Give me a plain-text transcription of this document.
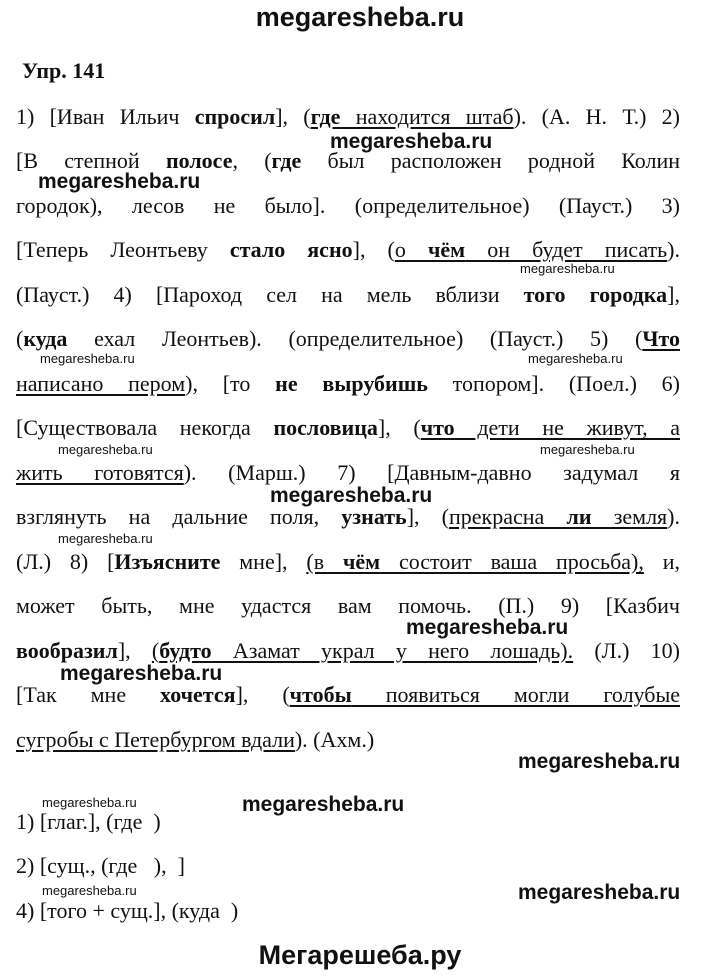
megaresheba.ru
Упр. 141
1) [Иван Ильич спросил], (где находится штаб). (А. Н. Т.) 2)
[В степной полосе, (где был расположен родной Колин
городок), лесов не было]. (определительное) (Пауст.) 3)
[Теперь Леонтьеву стало ясно], (о чём он будет писать).
(Пауст.) 4) [Пароход сел на мель вблизи того городка],
(куда ехал Леонтьев). (определительное) (Пауст.) 5) (Что
написано пером), [то не вырубишь топором]. (Поел.) 6)
[Существовала некогда пословица], (что дети не живут, а
жить готовятся). (Марш.) 7) [Давным-давно задумал я
взглянуть на дальние поля, узнать], (прекрасна ли земля).
(Л.) 8) [Изъясните мне], (в чём состоит ваша просьба), и,
может быть, мне удастся вам помочь. (П.) 9) [Казбич
вообразил], (будто Азамат украл у него лошадь). (Л.) 10)
[Так мне хочется], (чтобы появиться могли голубые
сугробы с Петербургом вдали). (Ахм.)
1) [глаг.], (где  )
2) [сущ., (где   ),  ]
4) [того + сущ.], (куда  )
megaresheba.ru
megaresheba.ru
megaresheba.ru
megaresheba.ru	megaresheba.ru
megaresheba.ru	megaresheba.ru
megaresheba.ru
megaresheba.ru
megaresheba.ru
megaresheba.ru
megaresheba.ru
megaresheba.ru	megaresheba.ru
megaresheba.ru	megaresheba.ru
Мегарешеба.ру
